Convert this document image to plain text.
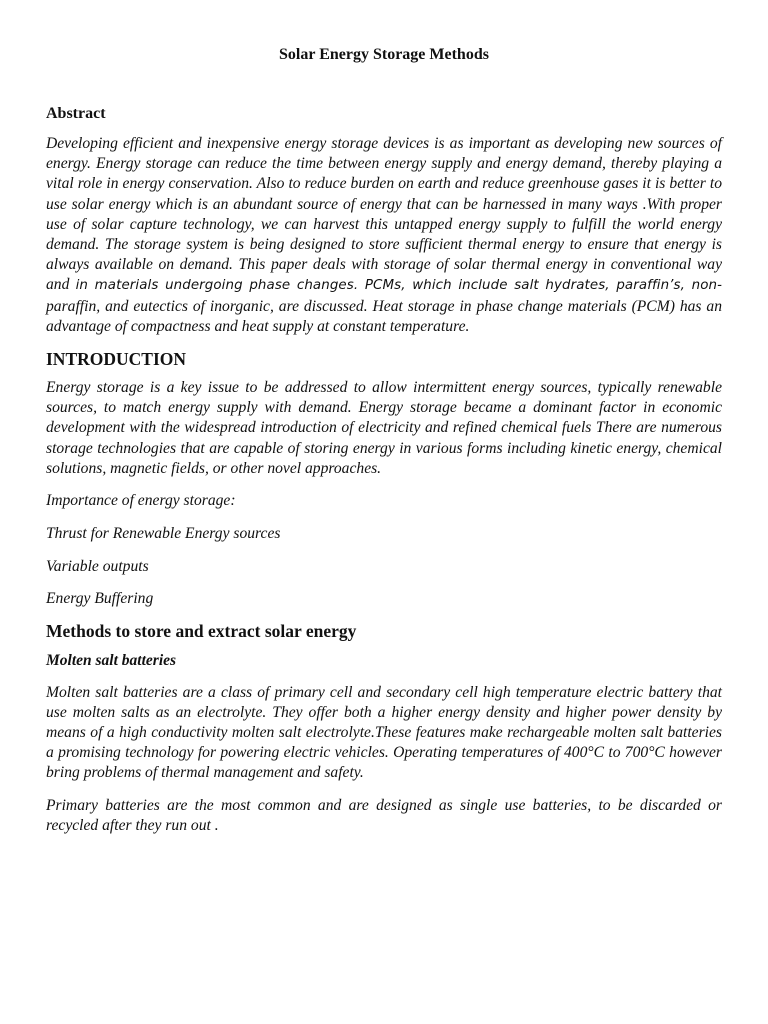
Solar Energy Storage Methods
Abstract
Developing efficient and inexpensive energy storage devices is as important as developing new sources of energy. Energy storage can reduce the time between energy supply and energy demand, thereby playing a vital role in energy conservation. Also to reduce burden on earth and reduce greenhouse gases it is better to use solar energy which is an abundant source of energy that can be harnessed in many ways .With proper use of solar capture technology, we can harvest this untapped energy supply to fulfill the world energy demand. The storage system is being designed to store sufficient thermal energy to ensure that energy is always available on demand. This paper deals with storage of solar thermal energy in conventional way and in materials undergoing phase changes. PCMs, which include salt hydrates, paraffin’s, non- paraffin, and eutectics of inorganic, are discussed. Heat storage in phase change materials (PCM) has an advantage of compactness and heat supply at constant temperature.
INTRODUCTION
Energy storage is a key issue to be addressed to allow intermittent energy sources, typically renewable sources, to match energy supply with demand. Energy storage became a dominant factor in economic development with the widespread introduction of electricity and refined chemical fuels There are numerous storage technologies that are capable of storing energy in various forms including kinetic energy, chemical solutions, magnetic fields, or other novel approaches.
Importance of energy storage:
Thrust for Renewable Energy sources
Variable outputs
Energy Buffering
Methods to store and extract solar energy
Molten salt batteries
Molten salt batteries are a class of primary cell and secondary cell high temperature electric battery that use molten salts as an electrolyte. They offer both a higher energy density and higher power density by means of a high conductivity molten salt electrolyte.These features make rechargeable molten salt batteries a promising technology for powering electric vehicles. Operating temperatures of 400°C to 700°C however bring problems of thermal management and safety.
Primary batteries are the most common and are designed as single use batteries, to be discarded or recycled after they run out .
